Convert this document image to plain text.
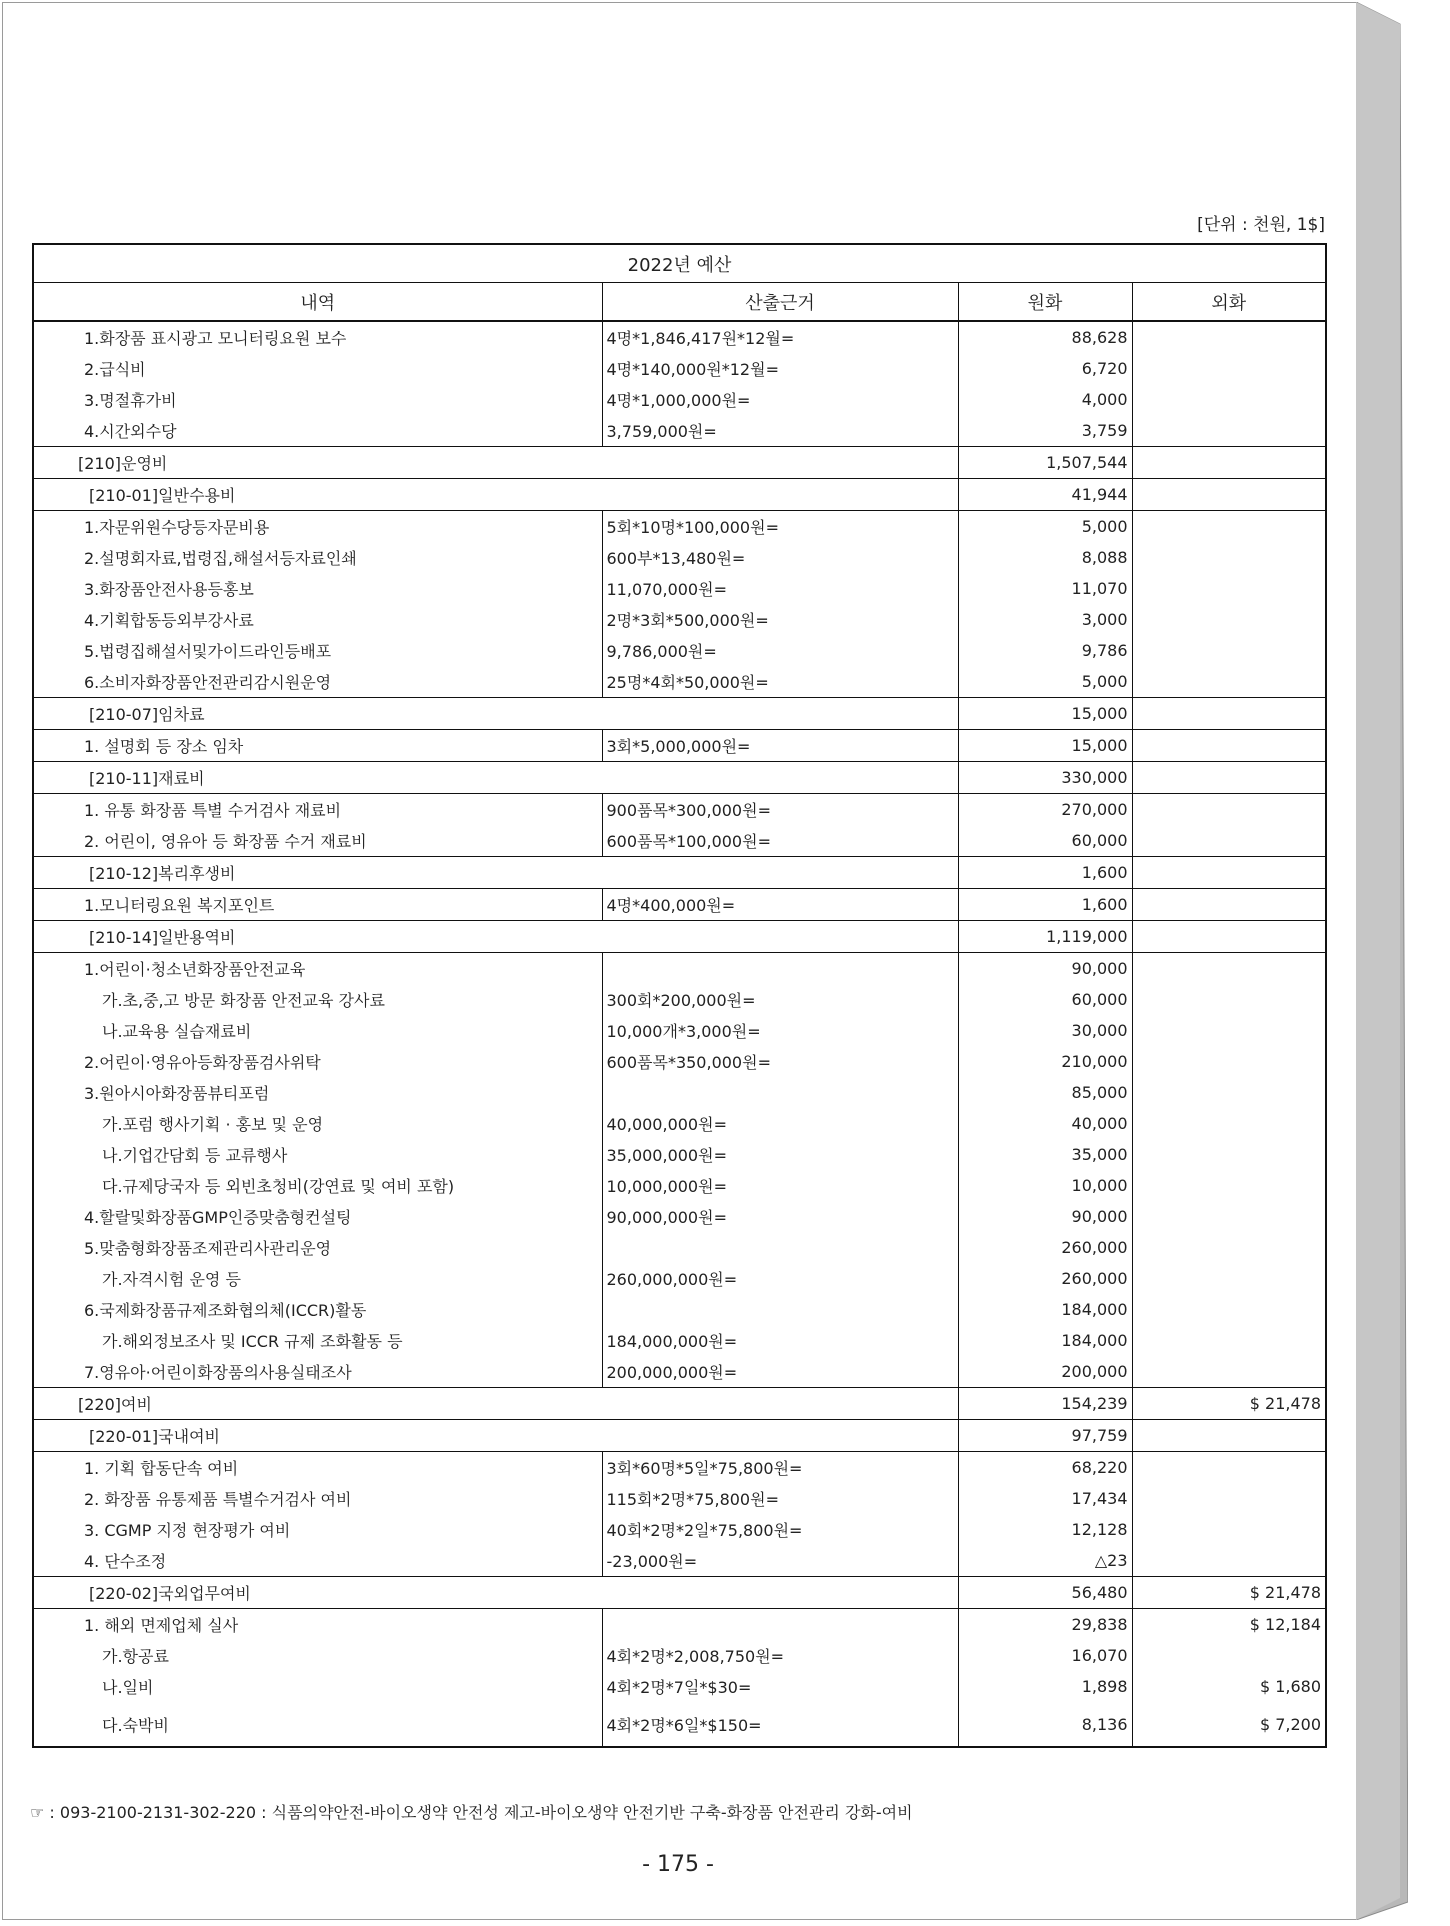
[단위 : 천원, 1$]
2022년 예산			
내역	산출근거	원화	외화
1.화장품 표시광고 모니터링요원 보수	4명*1,846,417원*12월=	88,628	
2.급식비	4명*140,000원*12월=	6,720	
3.명절휴가비	4명*1,000,000원=	4,000	
4.시간외수당	3,759,000원=	3,759	
[210]운영비		1,507,544	
[210-01]일반수용비		41,944	
1.자문위원수당등자문비용	5회*10명*100,000원=	5,000	
2.설명회자료,법령집,해설서등자료인쇄	600부*13,480원=	8,088	
3.화장품안전사용등홍보	11,070,000원=	11,070	
4.기획합동등외부강사료	2명*3회*500,000원=	3,000	
5.법령집해설서및가이드라인등배포	9,786,000원=	9,786	
6.소비자화장품안전관리감시원운영	25명*4회*50,000원=	5,000	
[210-07]임차료		15,000	
1. 설명회 등 장소 임차	3회*5,000,000원=	15,000	
[210-11]재료비		330,000	
1. 유통 화장품 특별 수거검사 재료비	900품목*300,000원=	270,000	
2. 어린이, 영유아 등 화장품 수거 재료비	600품목*100,000원=	60,000	
[210-12]복리후생비		1,600	
1.모니터링요원 복지포인트	4명*400,000원=	1,600	
[210-14]일반용역비		1,119,000	
1.어린이·청소년화장품안전교육		90,000	
가.초,중,고 방문 화장품 안전교육 강사료	300회*200,000원=	60,000	
나.교육용 실습재료비	10,000개*3,000원=	30,000	
2.어린이·영유아등화장품검사위탁	600품목*350,000원=	210,000	
3.원아시아화장품뷰티포럼		85,000	
가.포럼 행사기획 · 홍보 및 운영	40,000,000원=	40,000	
나.기업간담회 등 교류행사	35,000,000원=	35,000	
다.규제당국자 등 외빈초청비(강연료 및 여비 포함)	10,000,000원=	10,000	
4.할랄및화장품GMP인증맞춤형컨설팅	90,000,000원=	90,000	
5.맞춤형화장품조제관리사관리운영		260,000	
가.자격시험 운영 등	260,000,000원=	260,000	
6.국제화장품규제조화협의체(ICCR)활동		184,000	
가.해외정보조사 및 ICCR 규제 조화활동 등	184,000,000원=	184,000	
7.영유아·어린이화장품의사용실태조사	200,000,000원=	200,000	
[220]여비		154,239	$ 21,478
[220-01]국내여비		97,759	
1. 기획 합동단속 여비	3회*60명*5일*75,800원=	68,220	
2. 화장품 유통제품 특별수거검사 여비	115회*2명*75,800원=	17,434	
3. CGMP 지정 현장평가 여비	40회*2명*2일*75,800원=	12,128	
4. 단수조정	-23,000원=	△23	
[220-02]국외업무여비		56,480	$ 21,478
1. 해외 면제업체 실사		29,838	$ 12,184
가.항공료	4회*2명*2,008,750원=	16,070	
나.일비	4회*2명*7일*$30=	1,898	$ 1,680
다.숙박비	4회*2명*6일*$150=	8,136	$ 7,200
☞ : 093-2100-2131-302-220 : 식품의약안전-바이오생약 안전성 제고-바이오생약 안전기반 구축-화장품 안전관리 강화-여비
- 175 -
